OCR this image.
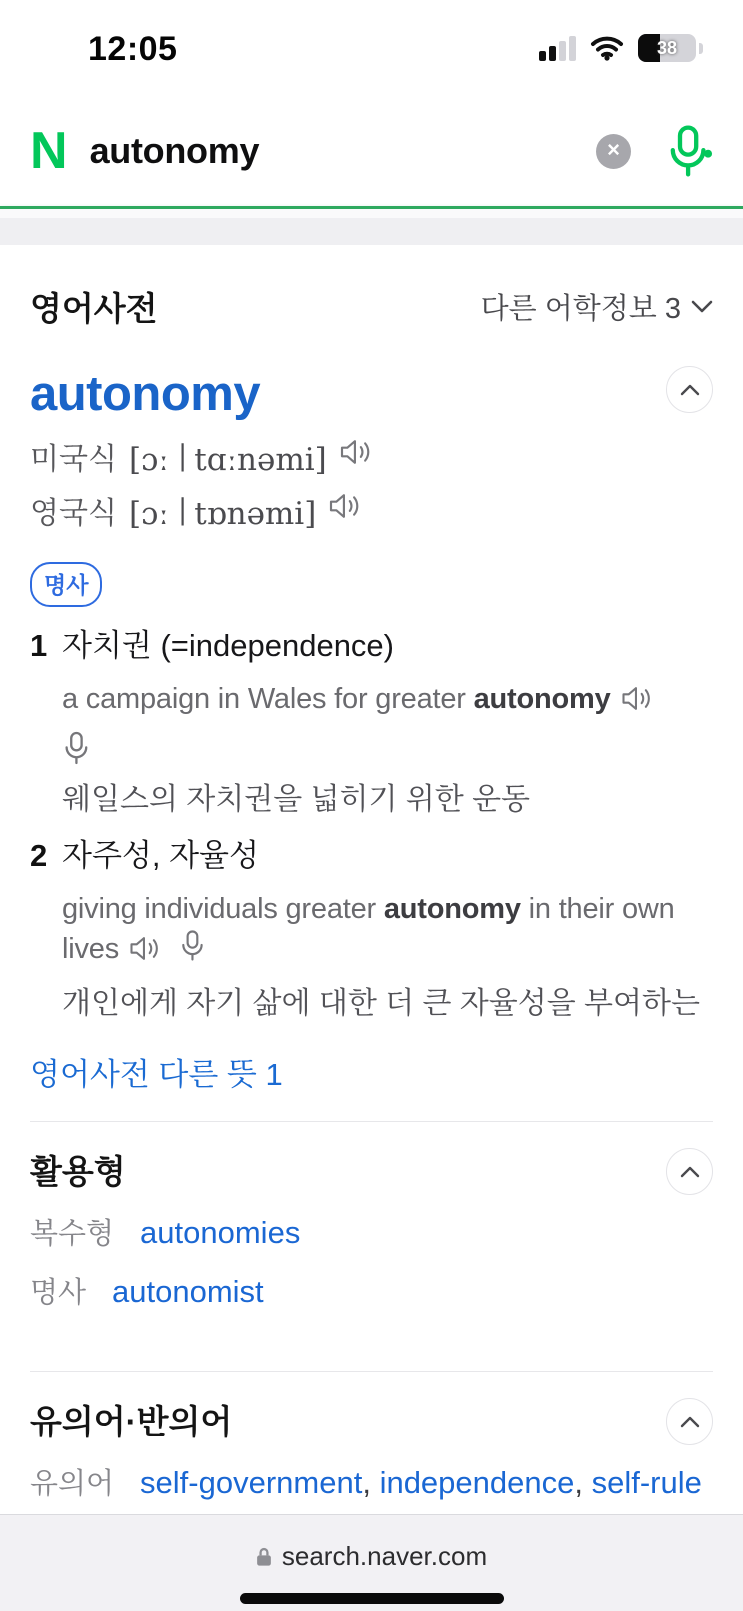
12:05	38
N autonomy	×
영어사전	다른 어학정보 3
autonomy
미국식 [ɔː | tɑːnəmi]
영국식 [ɔː | tɒnəmi]
명사
1 자치권 (=independence)
a campaign in Wales for greater autonomy
웨일스의 자치권을 넓히기 위한 운동
2 자주성, 자율성
giving individuals greater autonomy in their own lives
개인에게 자기 삶에 대한 더 큰 자율성을 부여하는
영어사전 다른 뜻 1
활용형
복수형 autonomies
명사 autonomist
유의어·반의어
유의어 self-government, independence, self-rule
search.naver.com
